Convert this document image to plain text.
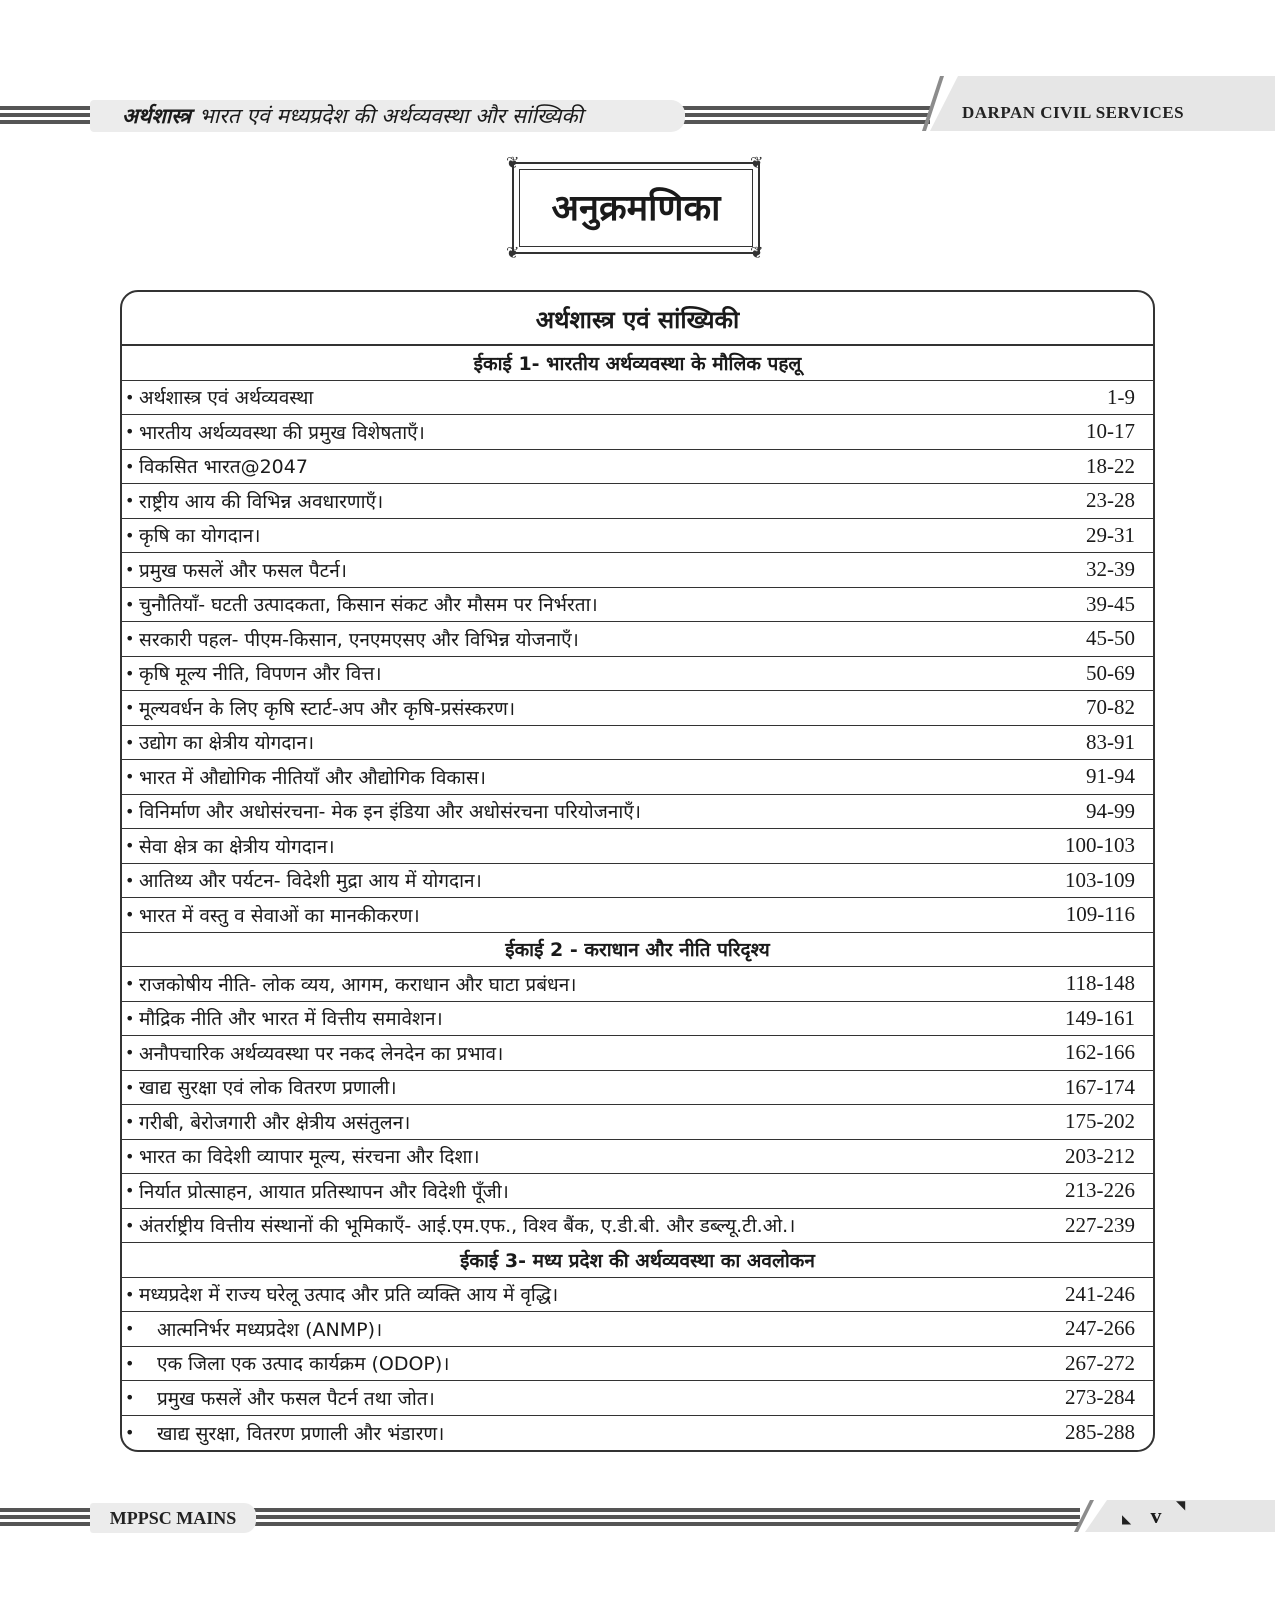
अर्थशास्त्र भारत एवं मध्यप्रदेश की अर्थव्यवस्था और सांख्यिकी	DARPAN CIVIL SERVICES
❦	❦
❦	❦
अनुक्रमणिका
अर्थशास्त्र एवं सांख्यिकी
ईकाई 1- भारतीय अर्थव्यवस्था के मौलिक पहलू
• अर्थशास्त्र एवं अर्थव्यवस्था	1-9
• भारतीय अर्थव्यवस्था की प्रमुख विशेषताएँ।	10-17
• विकसित भारत@2047	18-22
• राष्ट्रीय आय की विभिन्न अवधारणाएँ।	23-28
• कृषि का योगदान।	29-31
• प्रमुख फसलें और फसल पैटर्न।	32-39
• चुनौतियाँ- घटती उत्पादकता, किसान संकट और मौसम पर निर्भरता।	39-45
• सरकारी पहल- पीएम-किसान, एनएमएसए और विभिन्न योजनाएँ।	45-50
• कृषि मूल्य नीति, विपणन और वित्त।	50-69
• मूल्यवर्धन के लिए कृषि स्टार्ट-अप और कृषि-प्रसंस्करण।	70-82
• उद्योग का क्षेत्रीय योगदान।	83-91
• भारत में औद्योगिक नीतियाँ और औद्योगिक विकास।	91-94
• विनिर्माण और अधोसंरचना- मेक इन इंडिया और अधोसंरचना परियोजनाएँ।	94-99
• सेवा क्षेत्र का क्षेत्रीय योगदान।	100-103
• आतिथ्य और पर्यटन- विदेशी मुद्रा आय में योगदान।	103-109
• भारत में वस्तु व सेवाओं का मानकीकरण।	109-116
ईकाई 2 - कराधान और नीति परिदृश्य
• राजकोषीय नीति- लोक व्यय, आगम, कराधान और घाटा प्रबंधन।	118-148
• मौद्रिक नीति और भारत में वित्तीय समावेशन।	149-161
• अनौपचारिक अर्थव्यवस्था पर नकद लेनदेन का प्रभाव।	162-166
• खाद्य सुरक्षा एवं लोक वितरण प्रणाली।	167-174
• गरीबी, बेरोजगारी और क्षेत्रीय असंतुलन।	175-202
• भारत का विदेशी व्यापार मूल्य, संरचना और दिशा।	203-212
• निर्यात प्रोत्साहन, आयात प्रतिस्थापन और विदेशी पूँजी।	213-226
• अंतर्राष्ट्रीय वित्तीय संस्थानों की भूमिकाएँ- आई.एम.एफ., विश्व बैंक, ए.डी.बी. और डब्ल्यू.टी.ओ.।	227-239
ईकाई 3- मध्य प्रदेश की अर्थव्यवस्था का अवलोकन
• मध्यप्रदेश में राज्य घरेलू उत्पाद और प्रति व्यक्ति आय में वृद्धि।	241-246
•	आत्मनिर्भर मध्यप्रदेश (ANMP)।	247-266
•	एक जिला एक उत्पाद कार्यक्रम (ODOP)।	267-272
•	प्रमुख फसलें और फसल पैटर्न तथा जोत।	273-284
•	खाद्य सुरक्षा, वितरण प्रणाली और भंडारण।	285-288
MPPSC MAINS	◣
◥
v
